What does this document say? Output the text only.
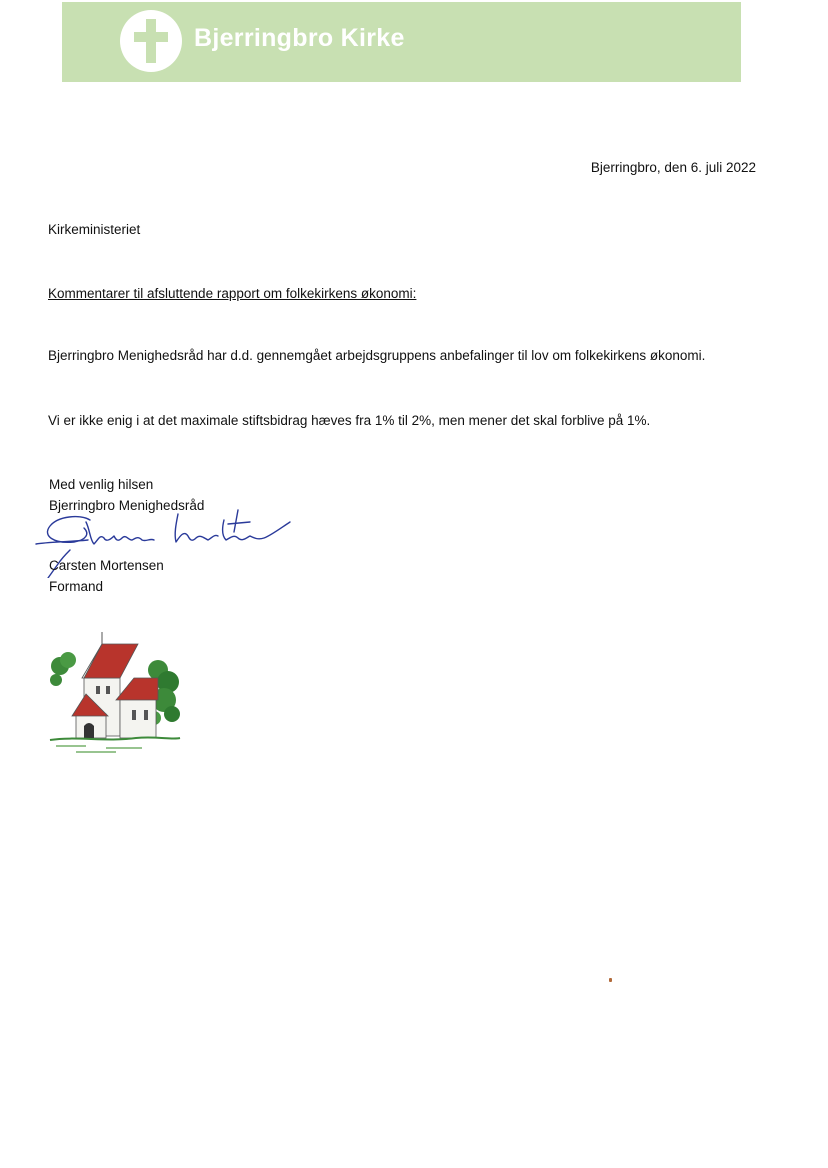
Bjerringbro Kirke
Bjerringbro, den 6. juli 2022
Kirkeministeriet
Kommentarer til afsluttende rapport om folkekirkens økonomi:
Bjerringbro Menighedsråd har d.d. gennemgået arbejdsgruppens anbefalinger til lov om folkekirkens økonomi.
Vi er ikke enig i at det maximale stiftsbidrag hæves fra 1% til 2%, men mener det skal forblive på 1%.
Med venlig hilsen
Bjerringbro Menighedsråd
Carsten Mortensen
Formand
